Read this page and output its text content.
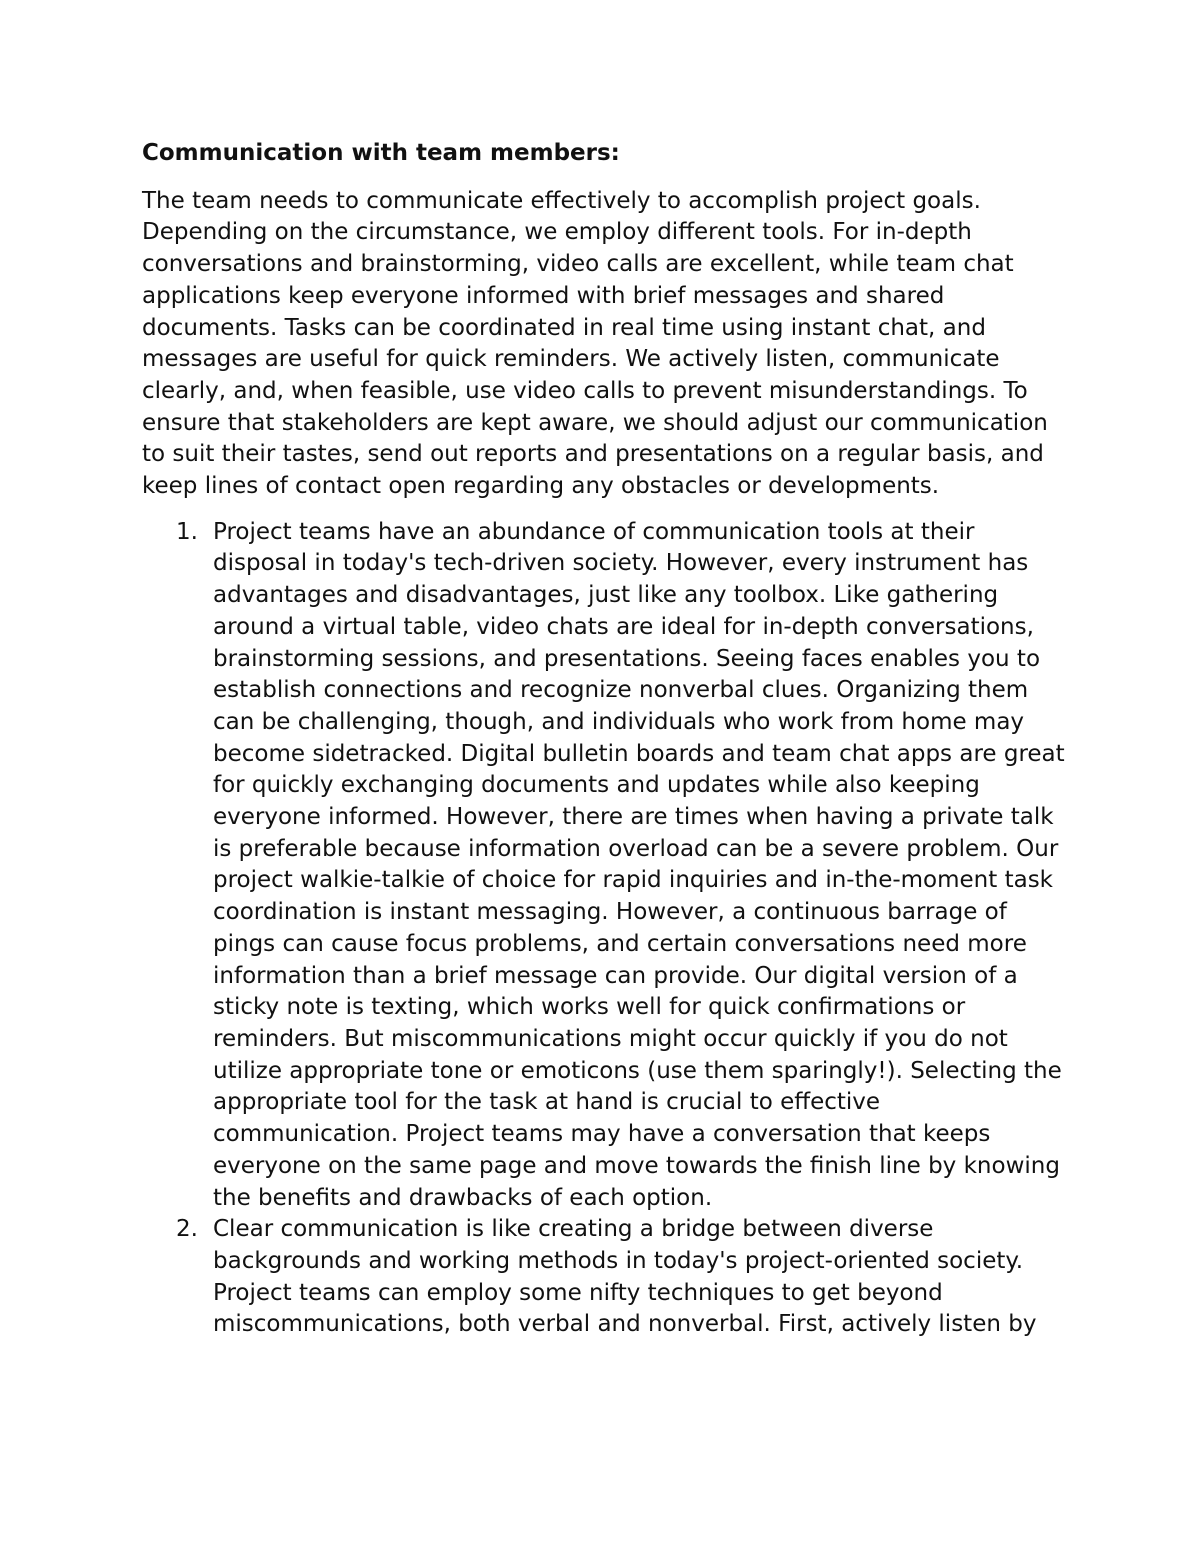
Communication with team members:

The team needs to communicate effectively to accomplish project goals. Depending on the circumstance, we employ different tools. For in-depth conversations and brainstorming, video calls are excellent, while team chat applications keep everyone informed with brief messages and shared documents. Tasks can be coordinated in real time using instant chat, and messages are useful for quick reminders. We actively listen, communicate clearly, and, when feasible, use video calls to prevent misunderstandings. To ensure that stakeholders are kept aware, we should adjust our communication to suit their tastes, send out reports and presentations on a regular basis, and keep lines of contact open regarding any obstacles or developments.

1. Project teams have an abundance of communication tools at their disposal in today's tech-driven society. However, every instrument has advantages and disadvantages, just like any toolbox. Like gathering around a virtual table, video chats are ideal for in-depth conversations, brainstorming sessions, and presentations. Seeing faces enables you to establish connections and recognize nonverbal clues. Organizing them can be challenging, though, and individuals who work from home may become sidetracked. Digital bulletin boards and team chat apps are great for quickly exchanging documents and updates while also keeping everyone informed. However, there are times when having a private talk is preferable because information overload can be a severe problem. Our project walkie-talkie of choice for rapid inquiries and in-the-moment task coordination is instant messaging. However, a continuous barrage of pings can cause focus problems, and certain conversations need more information than a brief message can provide. Our digital version of a sticky note is texting, which works well for quick confirmations or reminders. But miscommunications might occur quickly if you do not utilize appropriate tone or emoticons (use them sparingly!). Selecting the appropriate tool for the task at hand is crucial to effective communication. Project teams may have a conversation that keeps everyone on the same page and move towards the finish line by knowing the benefits and drawbacks of each option.
2. Clear communication is like creating a bridge between diverse backgrounds and working methods in today's project-oriented society. Project teams can employ some nifty techniques to get beyond miscommunications, both verbal and nonverbal. First, actively listen by
